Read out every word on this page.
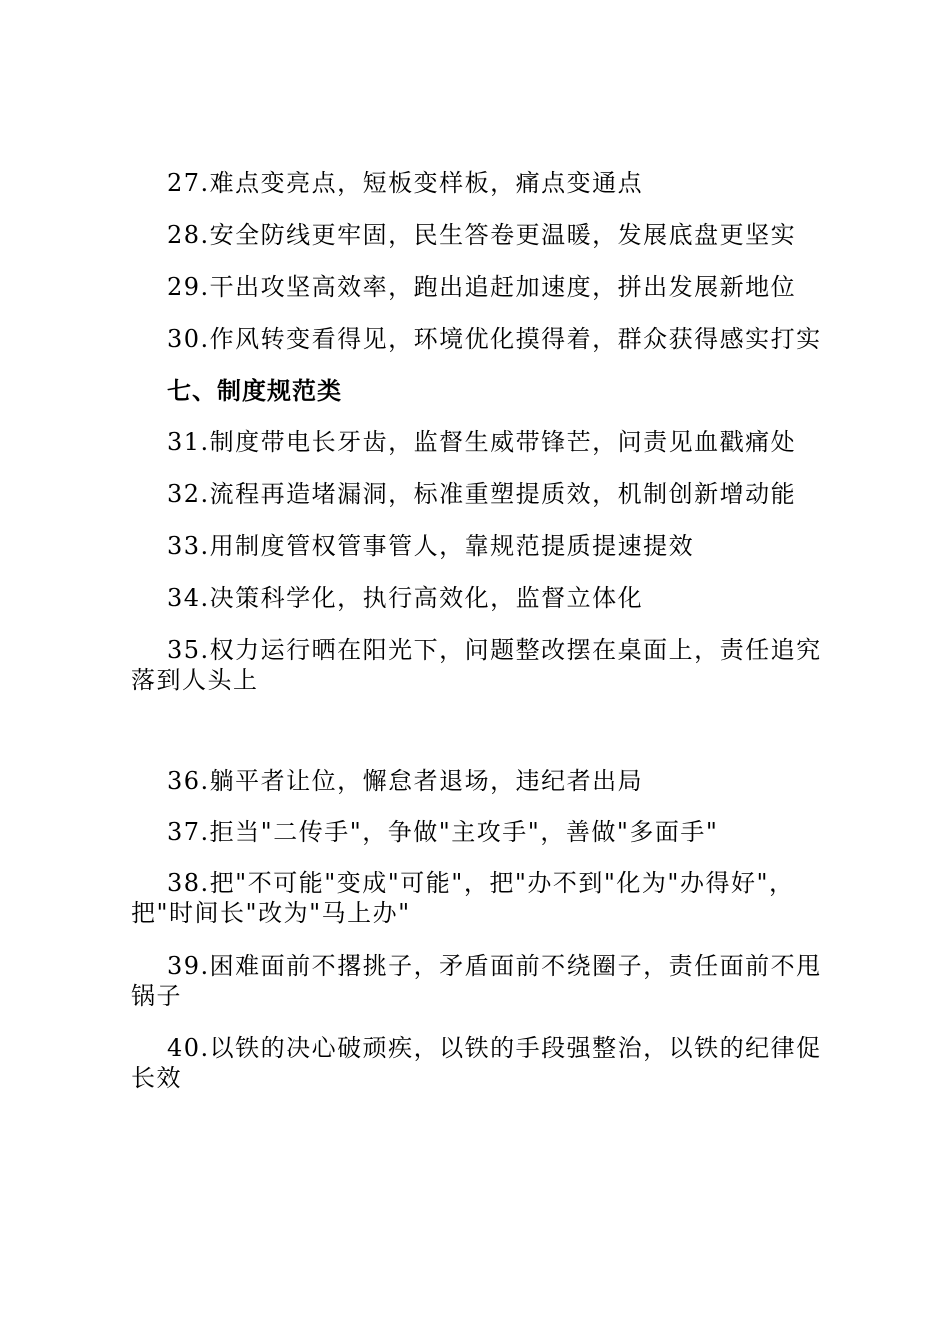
27.难点变亮点，短板变样板，痛点变通点
28.安全防线更牢固，民生答卷更温暖，发展底盘更坚实
29.干出攻坚高效率，跑出追赶加速度，拼出发展新地位
30.作风转变看得见，环境优化摸得着，群众获得感实打实
七、制度规范类
31.制度带电长牙齿，监督生威带锋芒，问责见血戳痛处
32.流程再造堵漏洞，标准重塑提质效，机制创新增动能
33.用制度管权管事管人，靠规范提质提速提效
34.决策科学化，执行高效化，监督立体化
35.权力运行晒在阳光下，问题整改摆在桌面上，责任追究落到人头上
36.躺平者让位，懈怠者退场，违纪者出局
37.拒当"二传手"，争做"主攻手"，善做"多面手"
38.把"不可能"变成"可能"，把"办不到"化为"办得好"，把"时间长"改为"马上办"
39.困难面前不撂挑子，矛盾面前不绕圈子，责任面前不甩锅子
40.以铁的决心破顽疾，以铁的手段强整治，以铁的纪律促长效
